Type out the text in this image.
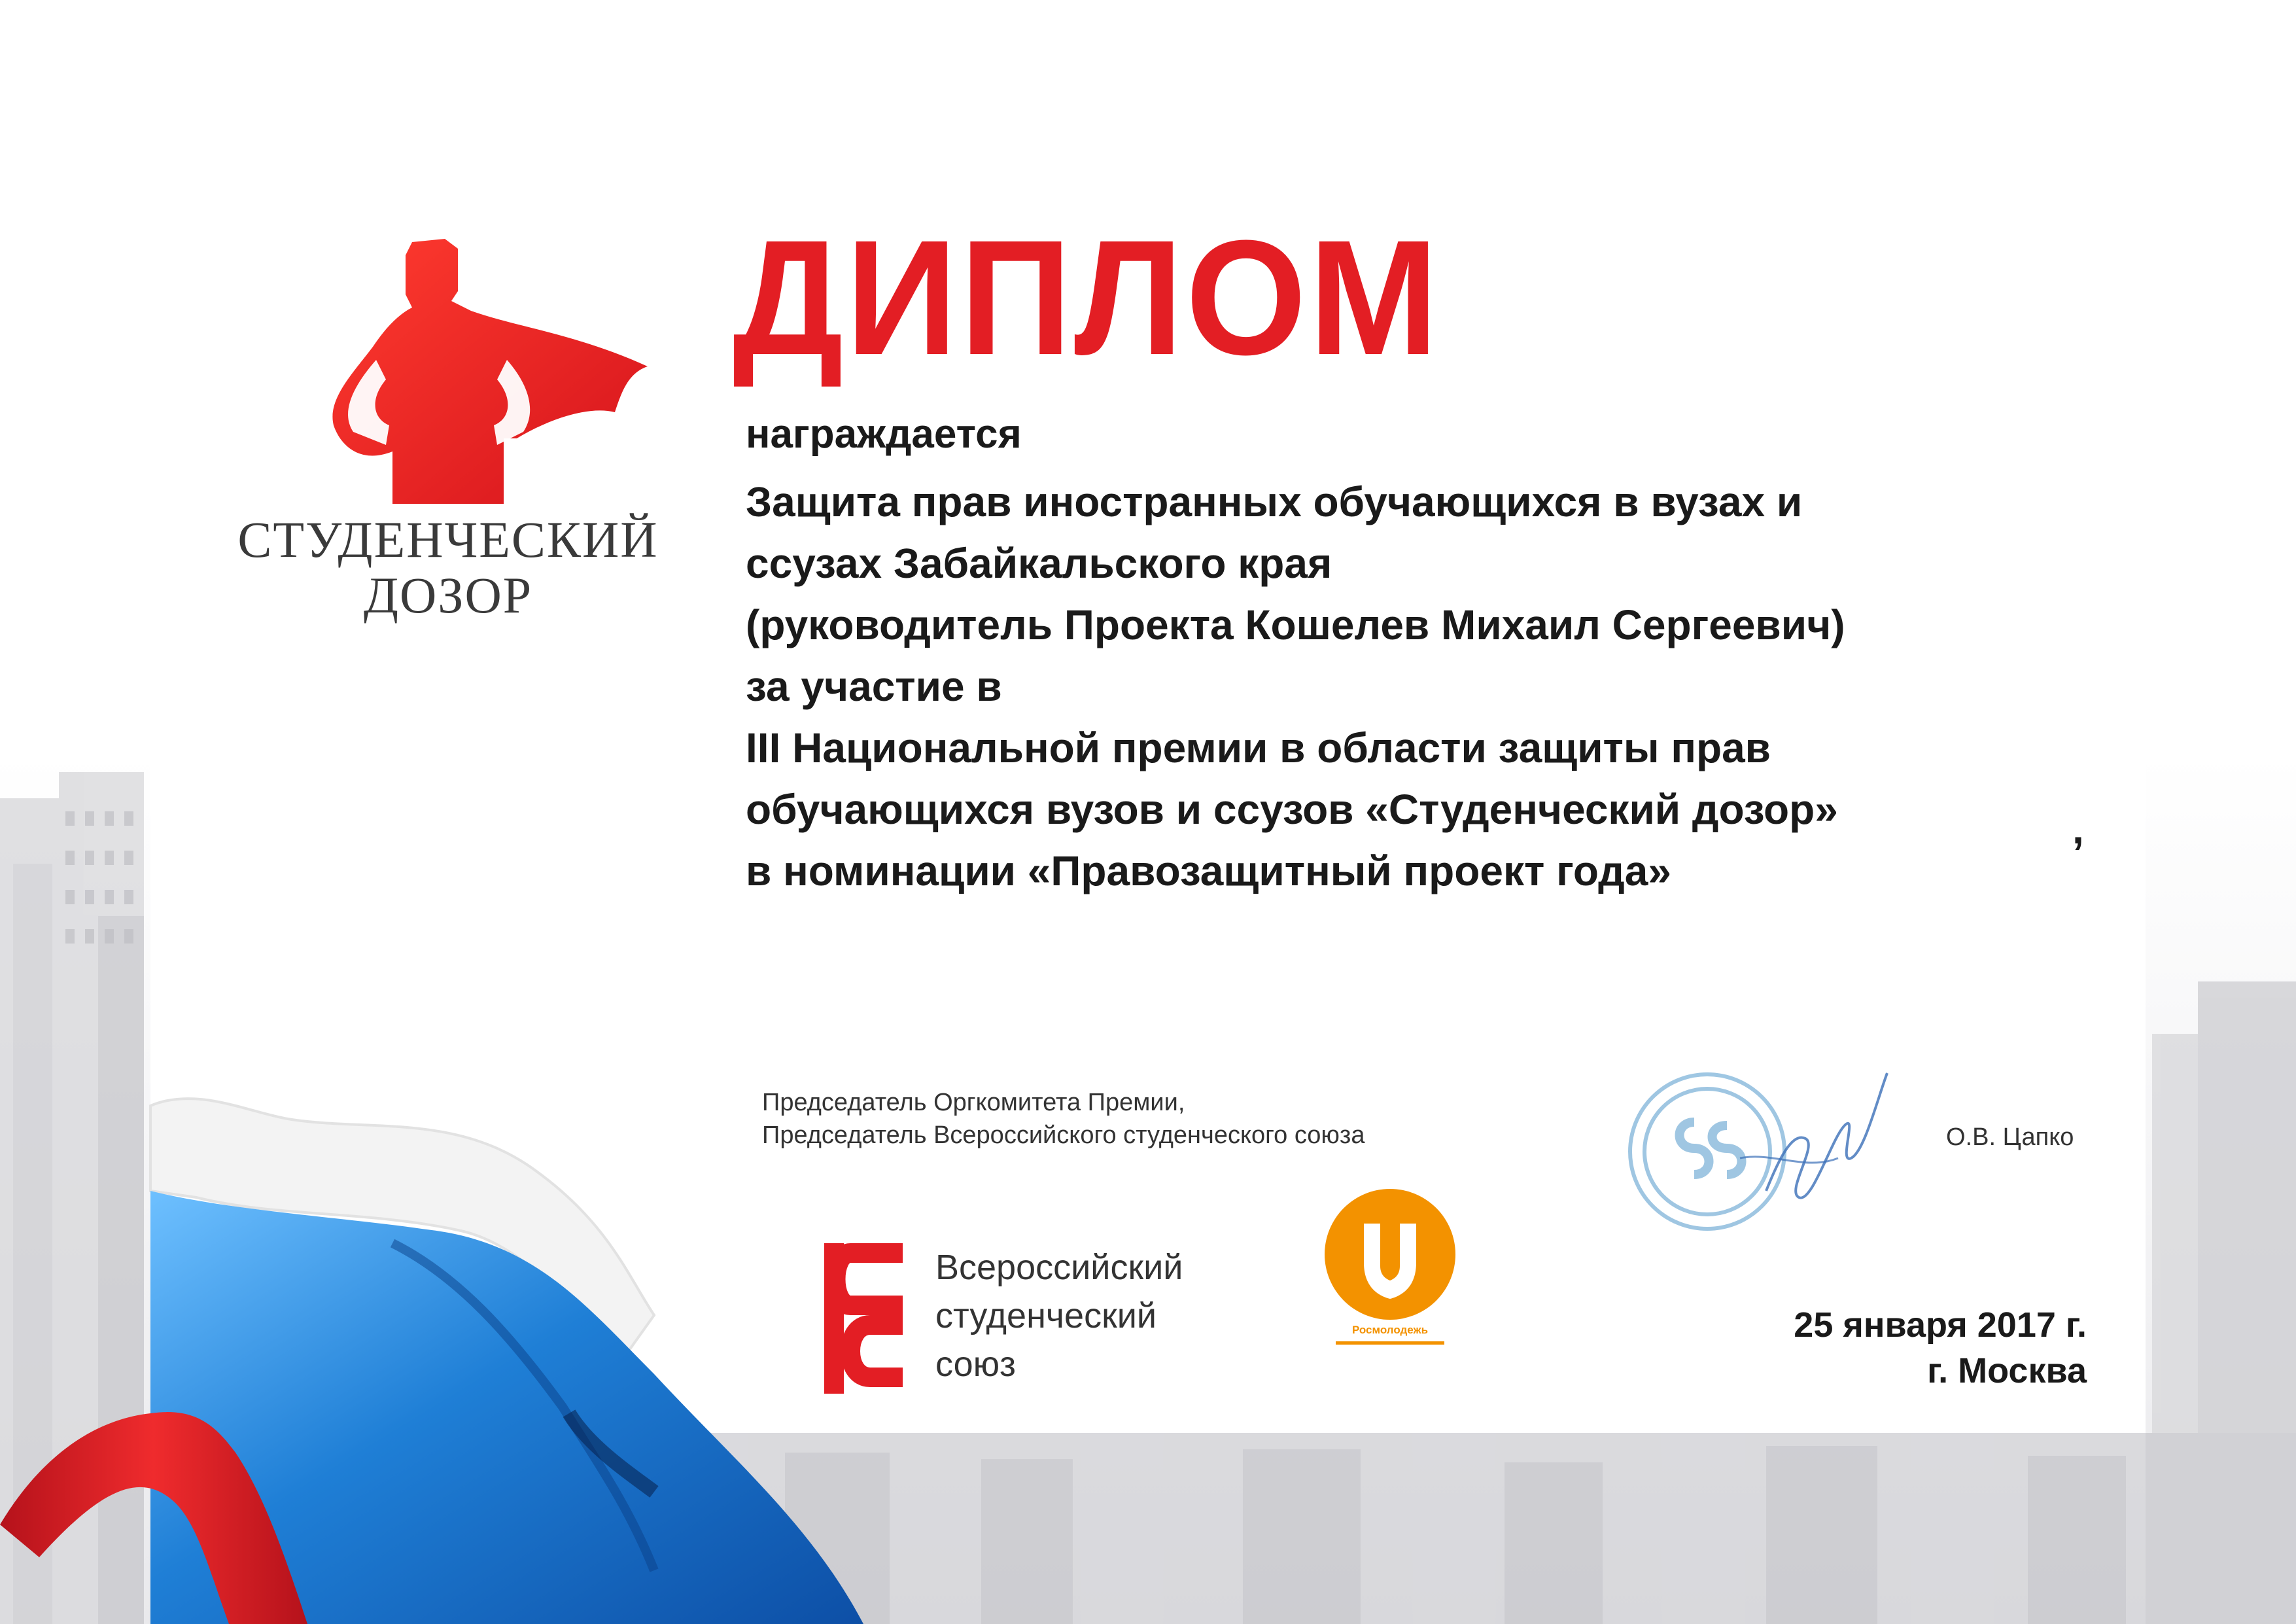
СТУДЕНЧЕСКИЙ
ДОЗОР
ДИПЛОМ
награждается
Защита прав иностранных обучающихся в вузах и
ссузах Забайкальского края
(руководитель Проекта Кошелев Михаил Сергеевич)
за участие в
III Национальной премии в области защиты прав
обучающихся вузов и ссузов «Студенческий дозор»
в номинации «Правозащитный проект года»
,
Председатель Оргкомитета Премии,
Председатель Всероссийского студенческого союза	О.В. Цапко
Всероссийский
студенческий
союз
Росмолодежь	25 января 2017 г.
г. Москва
